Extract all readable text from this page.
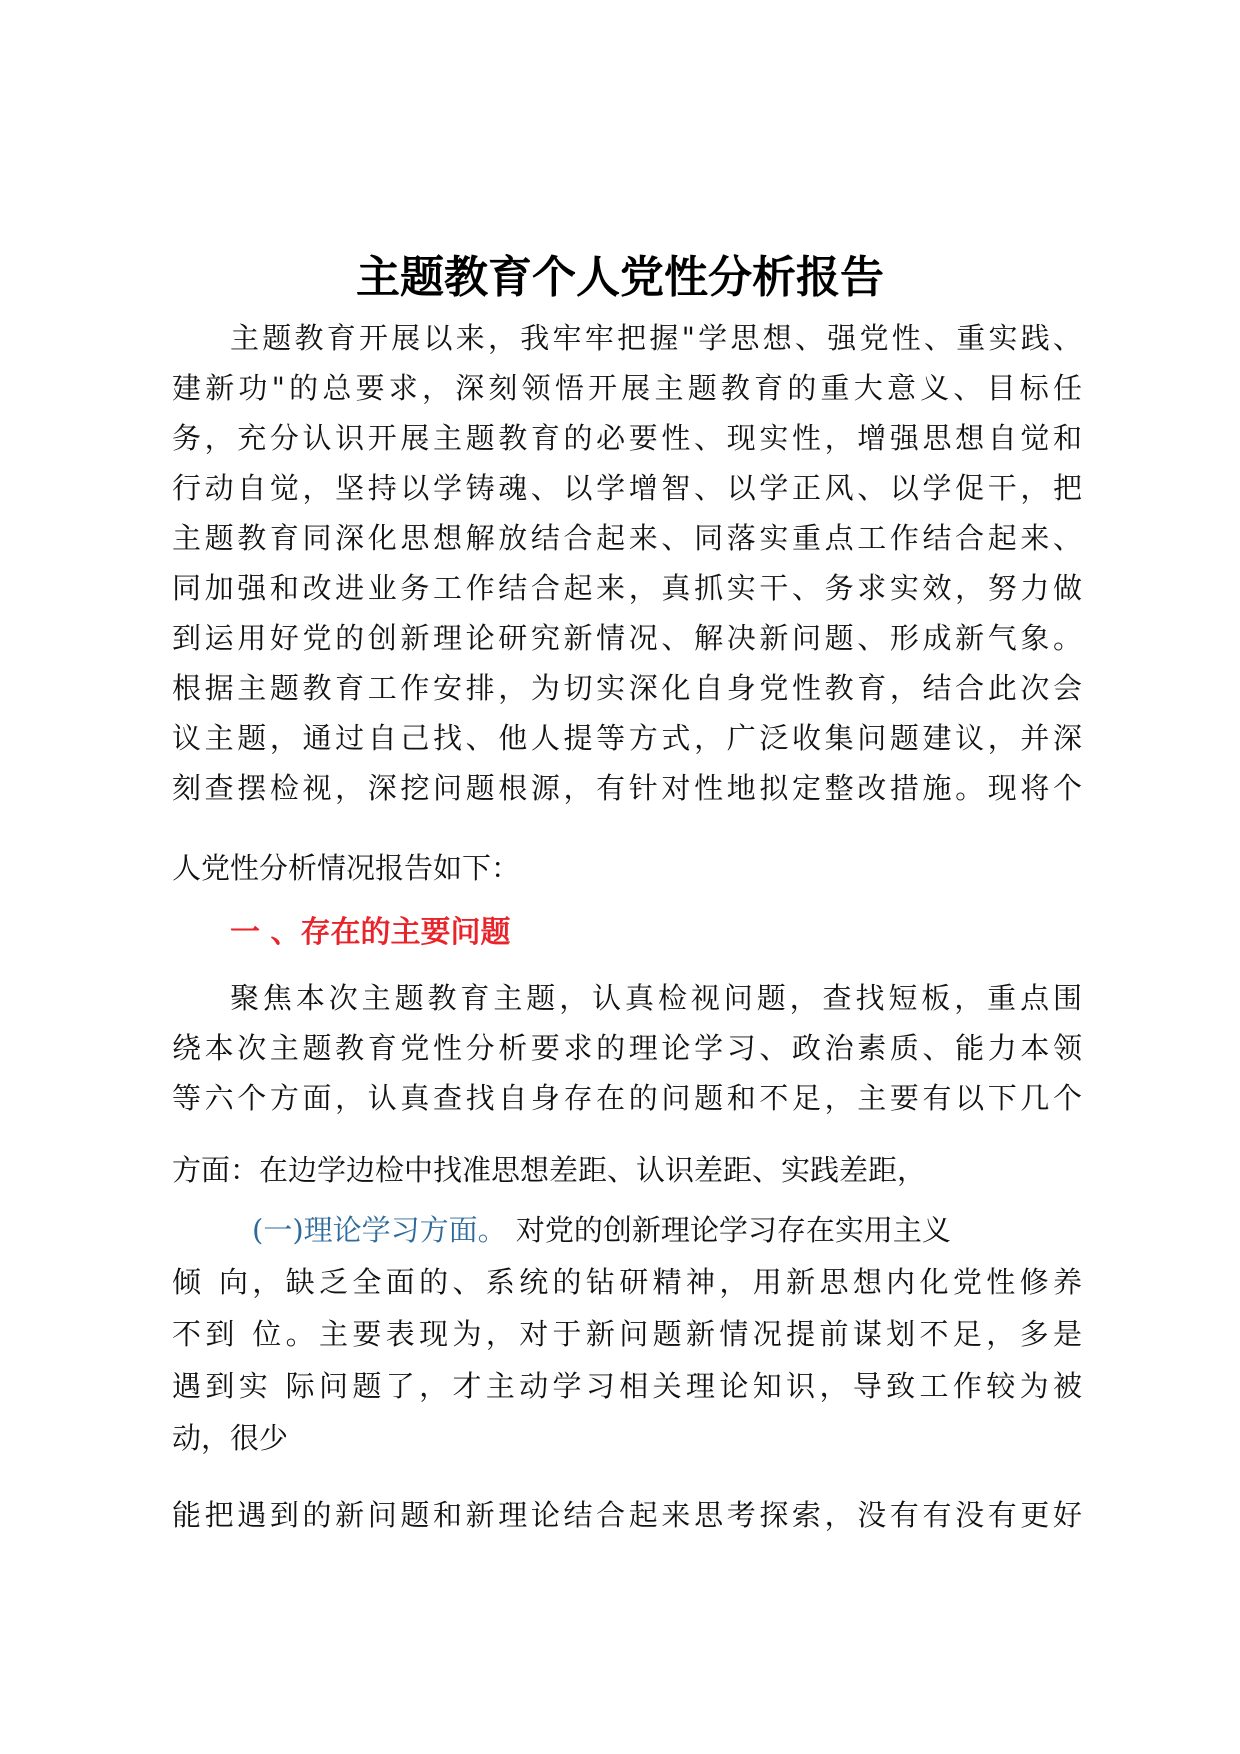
主题教育个人党性分析报告
主题教育开展以来，我牢牢把握"学思想、强党性、重实践、
建新功"的总要求，深刻领悟开展主题教育的重大意义、目标任
务，充分认识开展主题教育的必要性、现实性，增强思想自觉和
行动自觉，坚持以学铸魂、以学增智、以学正风、以学促干，把
主题教育同深化思想解放结合起来、同落实重点工作结合起来、
同加强和改进业务工作结合起来，真抓实干、务求实效，努力做
到运用好党的创新理论研究新情况、解决新问题、形成新气象。
根据主题教育工作安排，为切实深化自身党性教育，结合此次会
议主题，通过自己找、他人提等方式，广泛收集问题建议，并深
刻查摆检视，深挖问题根源，有针对性地拟定整改措施。现将个
人党性分析情况报告如下：
一 、存在的主要问题
聚焦本次主题教育主题，认真检视问题，查找短板，重点围
绕本次主题教育党性分析要求的理论学习、政治素质、能力本领
等六个方面，认真查找自身存在的问题和不足，主要有以下几个
方面：在边学边检中找准思想差距、认识差距、实践差距，
(一)理论学习方面。 对党的创新理论学习存在实用主义
倾 向，缺乏全面的、系统的钻研精神，用新思想内化党性修养
不到 位。主要表现为，对于新问题新情况提前谋划不足，多是
遇到实 际问题了，才主动学习相关理论知识，导致工作较为被
动，很少
能把遇到的新问题和新理论结合起来思考探索，没有有没有更好
